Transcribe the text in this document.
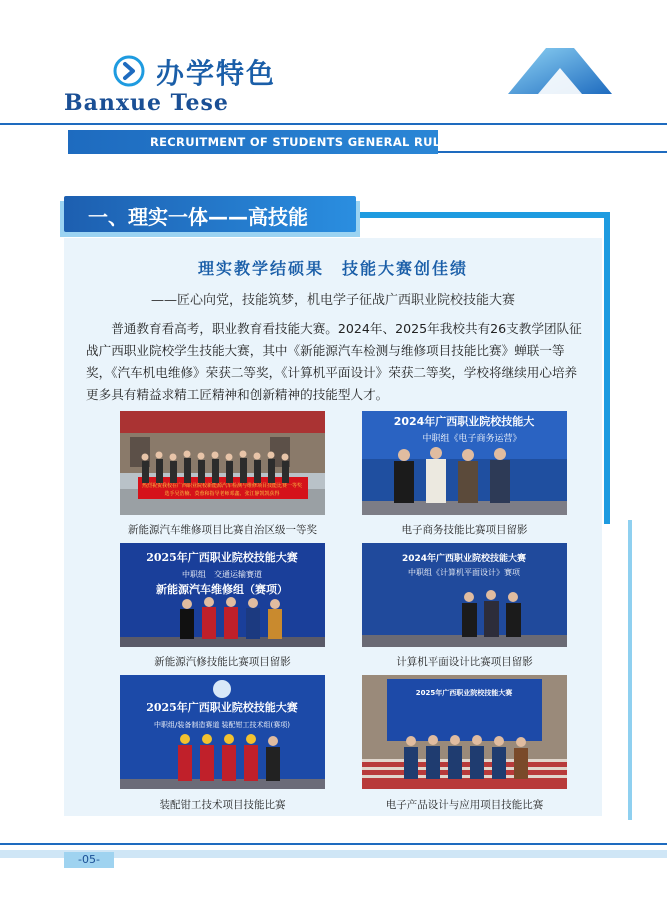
办学特色
Banxue Tese
RECRUITMENT OF STUDENTS GENERAL RULES
一、理实一体——高技能
理实教学结硕果　技能大赛创佳绩

——匠心向党，技能筑梦，机电学子征战广西职业院校技能大赛

普通教育看高考，职业教育看技能大赛。2024年、2025年我校共有26支教学团队征战广西职业院校学生技能大赛，其中《新能源汽车检测与维修项目技能比赛》蝉联一等奖，《汽车机电维修》荣获二等奖，《计算机平面设计》荣获二等奖，学校将继续用心培养更多具有精益求精工匠精神和创新精神的技能型人才。

热烈祝贺我校在广西职业院校新能源汽车检测与维修项目技能比赛一等奖
选手吴浩楠、莫蓉和指导老师邓鑫、张江静凯凯获得
新能源汽车维修项目比赛自治区级一等奖
2024年广西职业院校技能大
中职组《电子商务运营》
电子商务技能比赛项目留影
2025年广西职业院校技能大赛
中职组　交通运输赛道
新能源汽车维修组（赛项）
新能源汽修技能比赛项目留影
2024年广西职业院校技能大赛
中职组《计算机平面设计》赛项
计算机平面设计比赛项目留影
2025年广西职业院校技能大赛
中职组/装备制造赛道 装配钳工技术组(赛项)
装配钳工技术项目技能比赛
2025年广西职业院校技能大赛
电子产品设计与应用项目技能比赛
-05-
